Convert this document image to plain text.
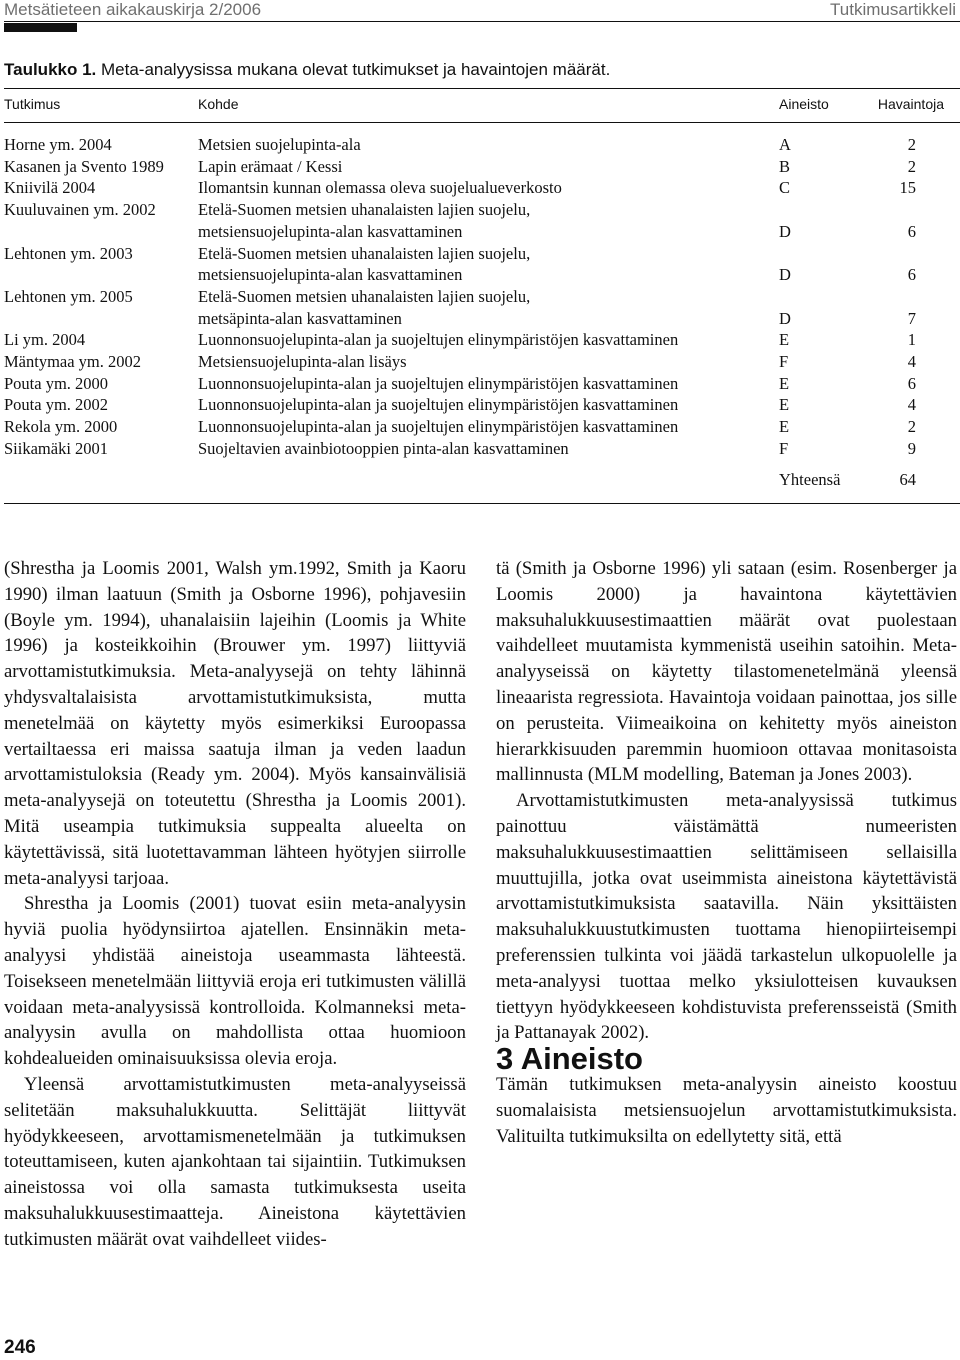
Metsätieteen aikakauskirja 2/2006	Tutkimusartikkeli
Taulukko 1. Meta-analyysissa mukana olevat tutkimukset ja havaintojen määrät.
Tutkimus	Kohde	Aineisto	Havaintoja
Horne ym. 2004	Metsien suojelupinta-ala	A	2
Kasanen ja Svento 1989 Lapin erämaat / Kessi	B	2
Kniivilä 2004	Ilomantsin kunnan olemassa oleva suojelualueverkosto	C	15
Kuuluvainen ym. 2002	Etelä-Suomen metsien uhanalaisten lajien suojelu,
metsiensuojelupinta-alan kasvattaminen	D	6
Lehtonen ym. 2003	Etelä-Suomen metsien uhanalaisten lajien suojelu,
metsiensuojelupinta-alan kasvattaminen	D	6
Lehtonen ym. 2005	Etelä-Suomen metsien uhanalaisten lajien suojelu,
metsäpinta-alan kasvattaminen	D	7
Li ym. 2004	Luonnonsuojelupinta-alan ja suojeltujen elinympäristöjen kasvattaminen	E	1
Mäntymaa ym. 2002	Metsiensuojelupinta-alan lisäys	F	4
Pouta ym. 2000	Luonnonsuojelupinta-alan ja suojeltujen elinympäristöjen kasvattaminen	E	6
Pouta ym. 2002	Luonnonsuojelupinta-alan ja suojeltujen elinympäristöjen kasvattaminen	E	4
Rekola ym. 2000	Luonnonsuojelupinta-alan ja suojeltujen elinympäristöjen kasvattaminen	E	2
Siikamäki 2001	Suojeltavien avainbiotooppien pinta-alan kasvattaminen	F	9
Yhteensä	64

(Shrestha ja Loomis 2001, Walsh ym.1992, Smith ja Kaoru 1990) ilman laatuun (Smith ja Osborne 1996), pohjavesiin (Boyle ym. 1994), uhanalaisiin lajeihin (Loomis ja White 1996) ja kosteikkoihin (Brouwer ym. 1997) liittyviä arvottamistutkimuksia. Meta-analyysejä on tehty lähinnä yhdysvaltalaisista arvottamistutkimuksista, mutta menetelmää on käytetty myös esimerkiksi Euroopassa vertailtaessa eri maissa saatuja ilman ja veden laadun arvottamistuloksia (Ready ym. 2004). Myös kansainvälisiä meta-analyysejä on toteutettu (Shrestha ja Loomis 2001). Mitä useampia tutkimuksia suppealta alueelta on käytettävissä, sitä luotettavamman lähteen hyötyjen siirrolle meta-analyysi tarjoaa.

Shrestha ja Loomis (2001) tuovat esiin meta-analyysin hyviä puolia hyödynsiirtoa ajatellen. Ensinnäkin meta-analyysi yhdistää aineistoja useammasta lähteestä. Toisekseen menetelmään liittyviä eroja eri tutkimusten välillä voidaan meta-analyysissä kontrolloida. Kolmanneksi meta-analyysin avulla on mahdollista ottaa huomioon kohdealueiden ominaisuuksissa olevia eroja.

Yleensä arvottamistutkimusten meta-analyyseissä selitetään maksuhalukkuutta. Selittäjät liittyvät hyödykkeeseen, arvottamismenetelmään ja tutkimuksen toteuttamiseen, kuten ajankohtaan tai sijaintiin. Tutkimuksen aineistossa voi olla samasta tutkimuksesta useita maksuhalukkuusestimaatteja. Aineistona käytettävien tutkimusten määrät ovat vaihdelleet viides-

tä (Smith ja Osborne 1996) yli sataan (esim. Rosenberger ja Loomis 2000) ja havaintona käytettävien maksuhalukkuusestimaattien määrät ovat puolestaan vaihdelleet muutamista kymmenistä useihin satoihin. Meta-analyyseissä on käytetty tilastomenetelmänä yleensä lineaarista regressiota. Havaintoja voidaan painottaa, jos sille on perusteita. Viimeaikoina on kehitetty myös aineiston hierarkkisuuden paremmin huomioon ottavaa monitasoista mallinnusta (MLM modelling, Bateman ja Jones 2003).

Arvottamistutkimusten meta-analyysissä tutkimus painottuu väistämättä numeeristen maksuhalukkuusestimaattien selittämiseen sellaisilla muuttujilla, jotka ovat useimmista aineistona käytettävistä arvottamistutkimuksista saatavilla. Näin yksittäisten maksuhalukkuustutkimusten tuottama hienopiirteisempi preferenssien tulkinta voi jäädä tarkastelun ulkopuolelle ja meta-analyysi tuottaa melko yksiulotteisen kuvauksen tiettyyn hyödykkeeseen kohdistuvista preferensseistä (Smith ja Pattanayak 2002).

3 Aineisto

Tämän tutkimuksen meta-analyysin aineisto koostuu suomalaisista metsiensuojelun arvottamistutkimuksista. Valituilta tutkimuksilta on edellytetty sitä, että

246
